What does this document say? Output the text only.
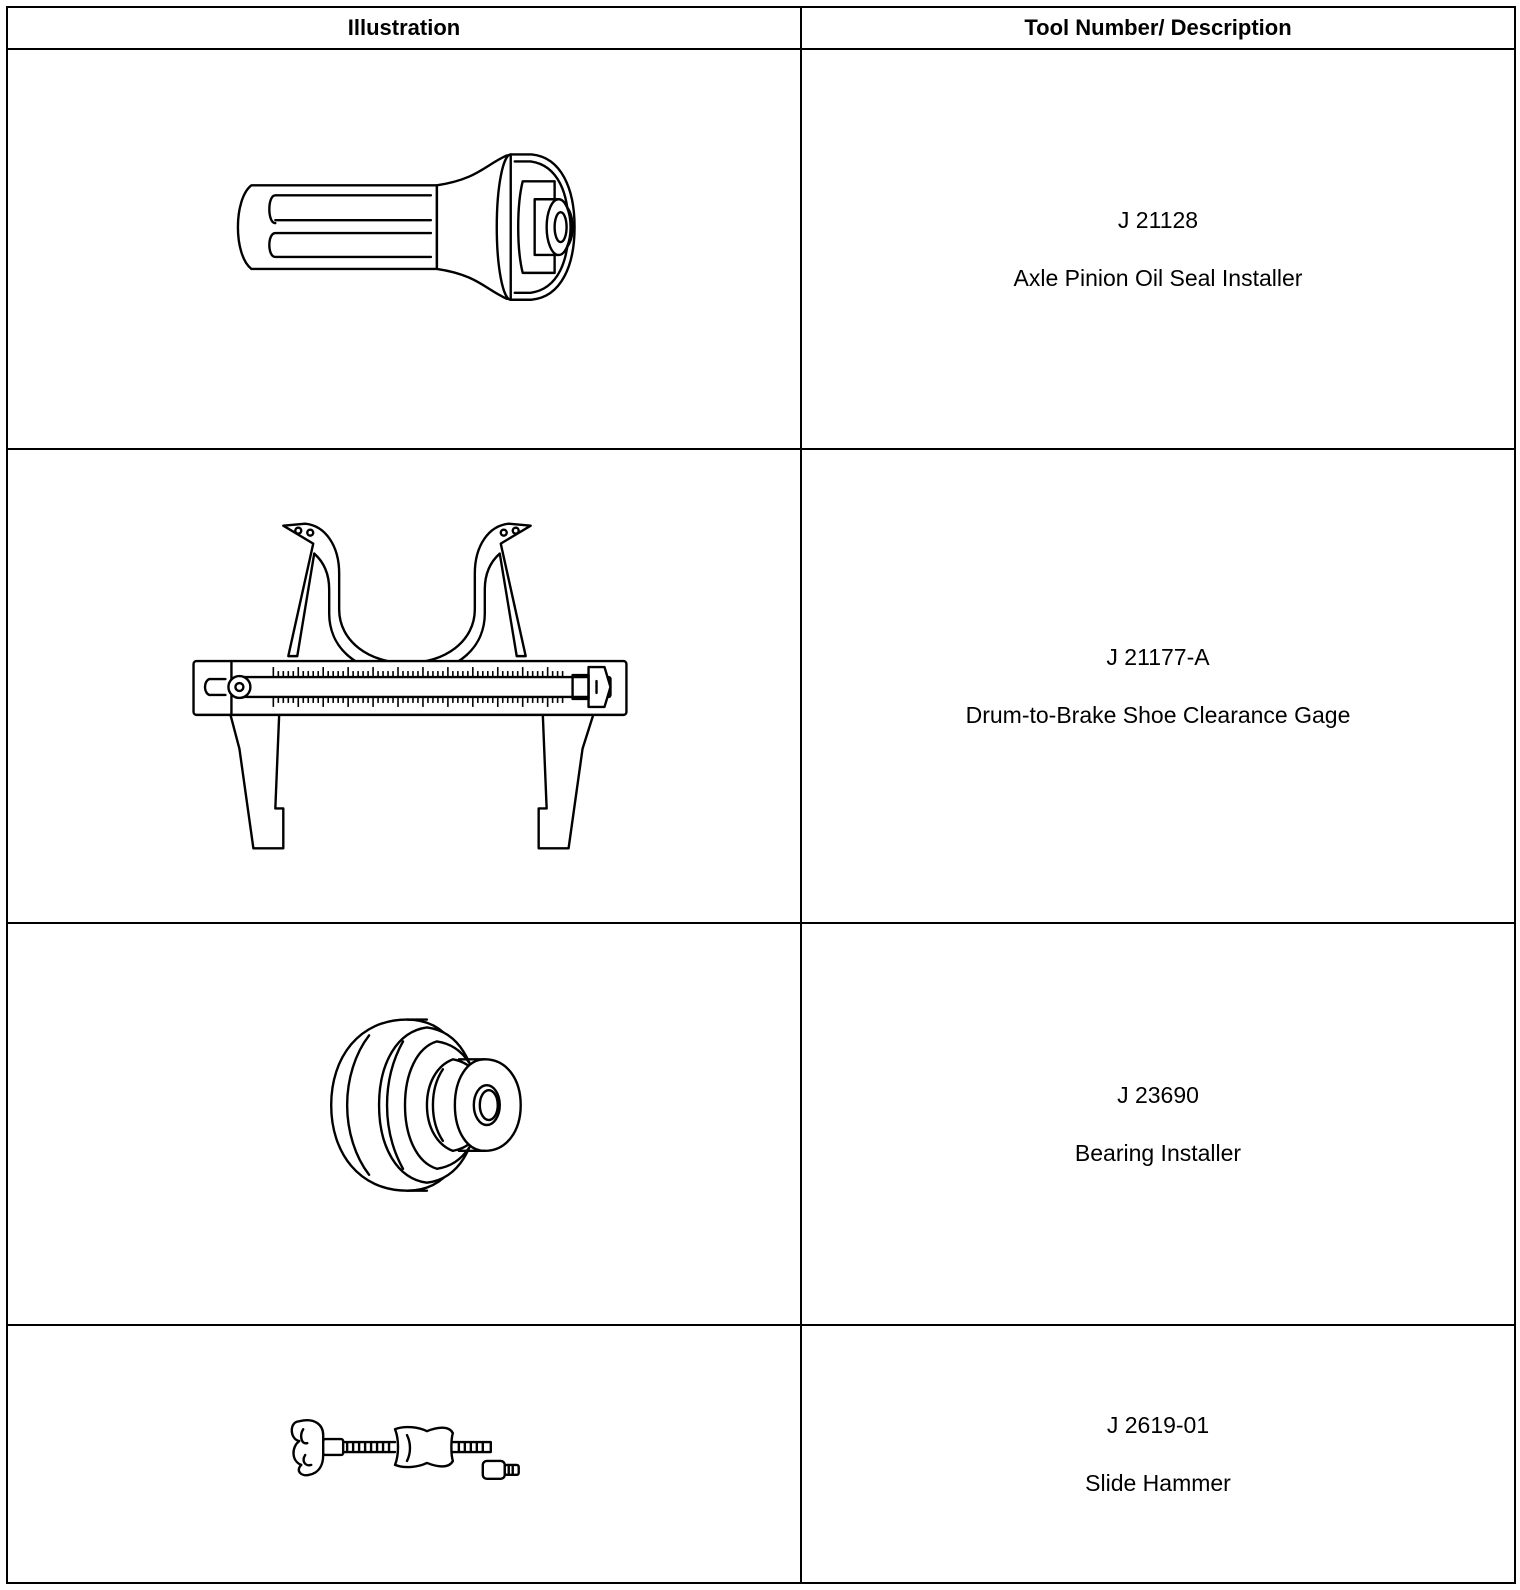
Illustration	Tool Number/ Description

J 21128
Axle Pinion Oil Seal Installer

J 21177-A
Drum-to-Brake Shoe Clearance Gage

J 23690
Bearing Installer

J 2619-01
Slide Hammer
